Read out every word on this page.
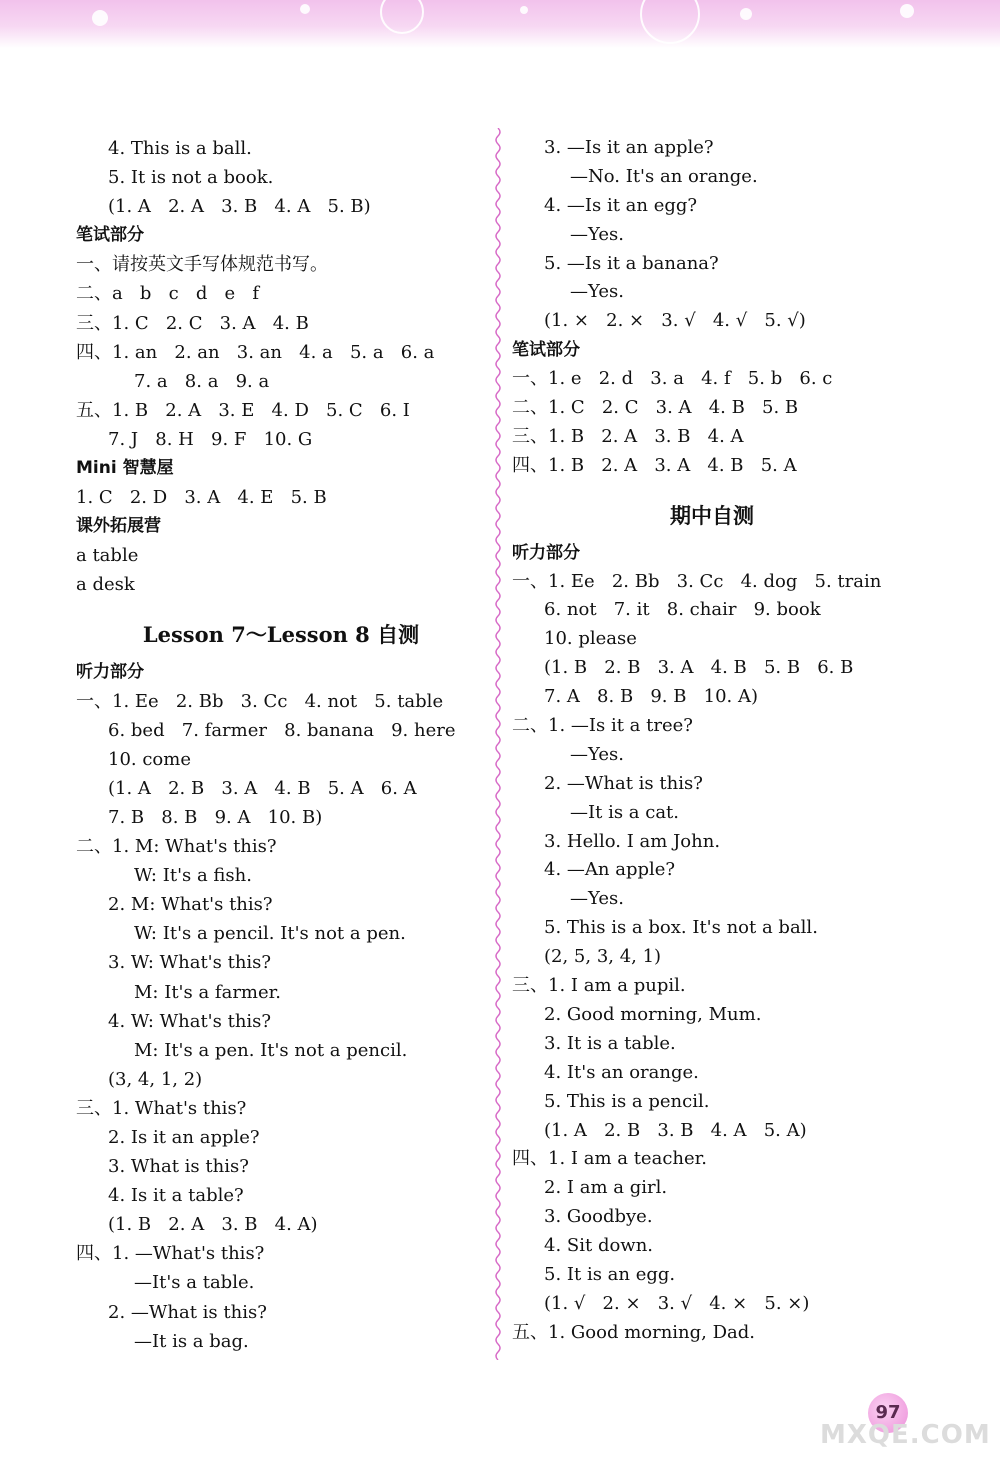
4. This is a ball.
5. It is not a book.
(1. A   2. A   3. B   4. A   5. B)
笔试部分
一、请按英文手写体规范书写。
二、a   b   c   d   e   f
三、1. C   2. C   3. A   4. B
四、1. an   2. an   3. an   4. a   5. a   6. a
7. a   8. a   9. a
五、1. B   2. A   3. E   4. D   5. C   6. I
7. J   8. H   9. F   10. G
Mini 智慧屋
1. C   2. D   3. A   4. E   5. B
课外拓展营
a table
a desk
Lesson 7～Lesson 8 自测
听力部分
一、1. Ee   2. Bb   3. Cc   4. not   5. table
6. bed   7. farmer   8. banana   9. here
10. come
(1. A   2. B   3. A   4. B   5. A   6. A
7. B   8. B   9. A   10. B)
二、1. M: What's this?
W: It's a fish.
2. M: What's this?
W: It's a pencil. It's not a pen.
3. W: What's this?
M: It's a farmer.
4. W: What's this?
M: It's a pen. It's not a pencil.
(3, 4, 1, 2)
三、1. What's this?
2. Is it an apple?
3. What is this?
4. Is it a table?
(1. B   2. A   3. B   4. A)
四、1. —What's this?
—It's a table.
2. —What is this?
—It is a bag.
3. —Is it an apple?
—No. It's an orange.
4. —Is it an egg?
—Yes.
5. —Is it a banana?
—Yes.
(1. ×   2. ×   3. √   4. √   5. √)
笔试部分
一、1. e   2. d   3. a   4. f   5. b   6. c
二、1. C   2. C   3. A   4. B   5. B
三、1. B   2. A   3. B   4. A
四、1. B   2. A   3. A   4. B   5. A
期中自测
听力部分
一、1. Ee   2. Bb   3. Cc   4. dog   5. train
6. not   7. it   8. chair   9. book
10. please
(1. B   2. B   3. A   4. B   5. B   6. B
7. A   8. B   9. B   10. A)
二、1. —Is it a tree?
—Yes.
2. —What is this?
—It is a cat.
3. Hello. I am John.
4. —An apple?
—Yes.
5. This is a box. It's not a ball.
(2, 5, 3, 4, 1)
三、1. I am a pupil.
2. Good morning, Mum.
3. It is a table.
4. It's an orange.
5. This is a pencil.
(1. A   2. B   3. B   4. A   5. A)
四、1. I am a teacher.
2. I am a girl.
3. Goodbye.
4. Sit down.
5. It is an egg.
(1. √   2. ×   3. √   4. ×   5. ×)
五、1. Good morning, Dad.
97
MXQE.COM
